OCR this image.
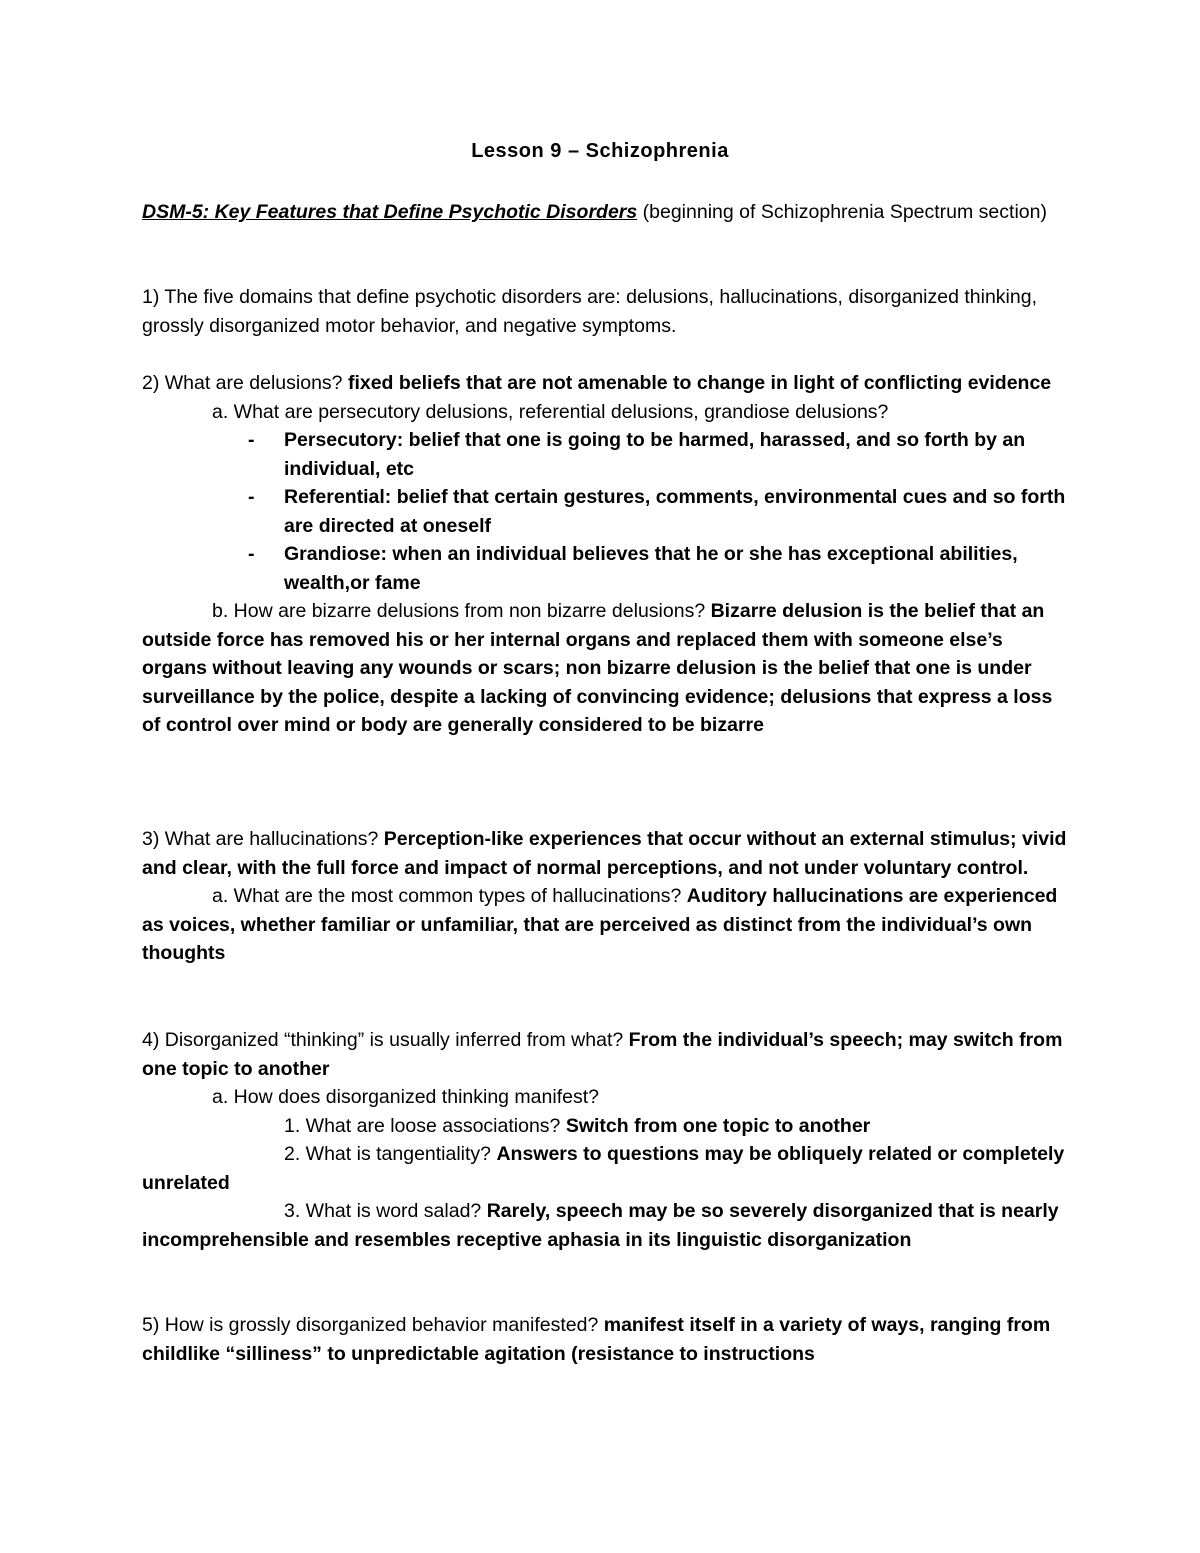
Lesson 9 – Schizophrenia
DSM-5: Key Features that Define Psychotic Disorders (beginning of Schizophrenia Spectrum section)
1) The five domains that define psychotic disorders are: delusions, hallucinations, disorganized thinking, grossly disorganized motor behavior, and negative symptoms.
2) What are delusions? fixed beliefs that are not amenable to change in light of conflicting evidence
a. What are persecutory delusions, referential delusions, grandiose delusions?
-	Persecutory: belief that one is going to be harmed, harassed, and so forth by an individual, etc
-	Referential: belief that certain gestures, comments, environmental cues and so forth are directed at oneself
-	Grandiose: when an individual believes that he or she has exceptional abilities, wealth,or fame
b. How are bizarre delusions from non bizarre delusions? Bizarre delusion is the belief that an outside force has removed his or her internal organs and replaced them with someone else’s organs without leaving any wounds or scars; non bizarre delusion is the belief that one is under surveillance by the police, despite a lacking of convincing evidence; delusions that express a loss of control over mind or body are generally considered to be bizarre
3) What are hallucinations? Perception-like experiences that occur without an external stimulus; vivid and clear, with the full force and impact of normal perceptions, and not under voluntary control.
a. What are the most common types of hallucinations? Auditory hallucinations are experienced as voices, whether familiar or unfamiliar, that are perceived as distinct from the individual’s own thoughts
4) Disorganized “thinking” is usually inferred from what? From the individual’s speech; may switch from one topic to another
a. How does disorganized thinking manifest?
1. What are loose associations? Switch from one topic to another
2. What is tangentiality? Answers to questions may be obliquely related or completely unrelated
3. What is word salad? Rarely, speech may be so severely disorganized that is nearly incomprehensible and resembles receptive aphasia in its linguistic disorganization
5) How is grossly disorganized behavior manifested? manifest itself in a variety of ways, ranging from childlike “silliness” to unpredictable agitation (resistance to instructions
